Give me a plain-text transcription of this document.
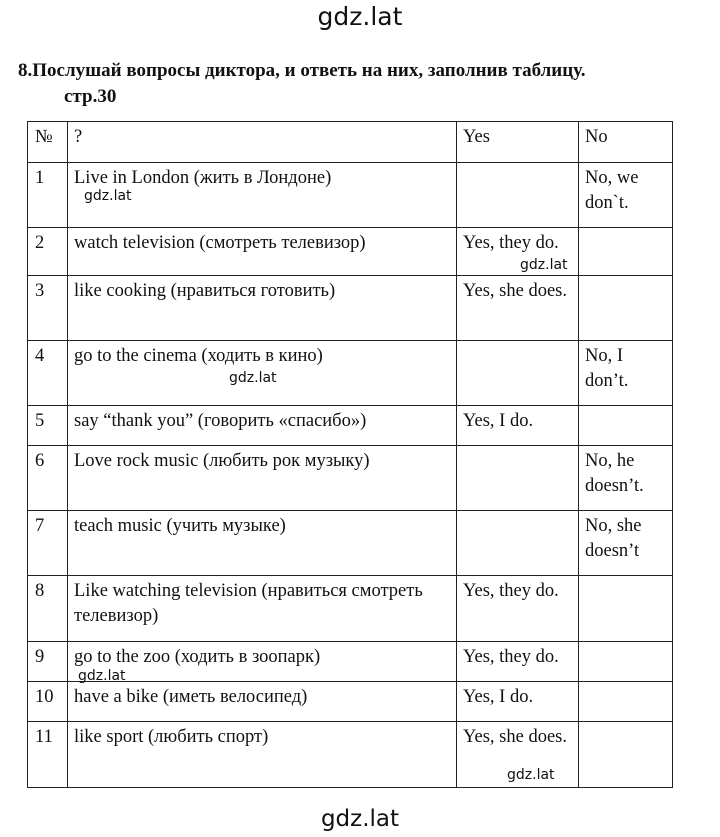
gdz.lat
8.Послушай вопросы диктора, и ответь на них, заполнив таблицу.
стр.30
№	?	Yes	No
1	Live in London (жить в Лондоне)		No, we don`t.
2	watch television (смотреть телевизор)	Yes, they do.	
3	like cooking (нравиться готовить)	Yes, she does.	
4	go to the cinema (ходить в кино)		No, I don’t.
5	say “thank you” (говорить «спасибо»)	Yes, I do.	
6	Love rock music (любить рок музыку)		No, he doesn’t.
7	teach music (учить музыке)		No, she doesn’t
8	Like watching television (нравиться смотреть телевизор)	Yes, they do.	
9	go to the zoo (ходить в зоопарк)	Yes, they do.	
10	have a bike (иметь велосипед)	Yes, I do.	
11	like sport (любить спорт)	Yes, she does.	
gdz.lat
gdz.lat
gdz.lat
gdz.lat
gdz.lat
gdz.lat
